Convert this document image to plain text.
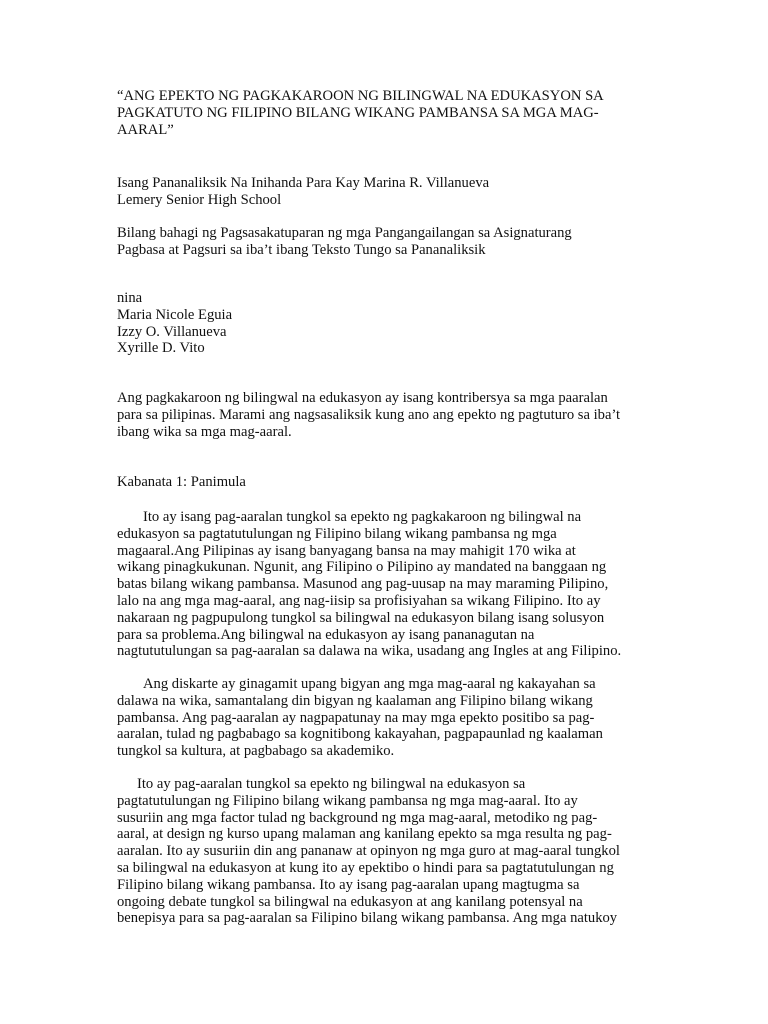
“ANG EPEKTO NG PAGKAKAROON NG BILINGWAL NA EDUKASYON SA
PAGKATUTO NG FILIPINO BILANG WIKANG PAMBANSA SA MGA MAG-
AARAL”
Isang Pananaliksik Na Inihanda Para Kay Marina R. Villanueva
Lemery Senior High School
Bilang bahagi ng Pagsasakatuparan ng mga Pangangailangan sa Asignaturang
Pagbasa at Pagsuri sa iba’t ibang Teksto Tungo sa Pananaliksik
nina
Maria Nicole Eguia
Izzy O. Villanueva
Xyrille D. Vito
Ang pagkakaroon ng bilingwal na edukasyon ay isang kontribersya sa mga paaralan
para sa pilipinas. Marami ang nagsasaliksik kung ano ang epekto ng pagtuturo sa iba’t
ibang wika sa mga mag-aaral.
Kabanata 1: Panimula
Ito ay isang pag-aaralan tungkol sa epekto ng pagkakaroon ng bilingwal na
edukasyon sa pagtatutulungan ng Filipino bilang wikang pambansa ng mga
magaaral.Ang Pilipinas ay isang banyagang bansa na may mahigit 170 wika at
wikang pinagkukunan. Ngunit, ang Filipino o Pilipino ay mandated na banggaan ng
batas bilang wikang pambansa. Masunod ang pag-uusap na may maraming Pilipino,
lalo na ang mga mag-aaral, ang nag-iisip sa profisiyahan sa wikang Filipino. Ito ay
nakaraan ng pagpupulong tungkol sa bilingwal na edukasyon bilang isang solusyon
para sa problema.Ang bilingwal na edukasyon ay isang pananagutan na
nagtututulungan sa pag-aaralan sa dalawa na wika, usadang ang Ingles at ang Filipino.
Ang diskarte ay ginagamit upang bigyan ang mga mag-aaral ng kakayahan sa
dalawa na wika, samantalang din bigyan ng kaalaman ang Filipino bilang wikang
pambansa. Ang pag-aaralan ay nagpapatunay na may mga epekto positibo sa pag-
aaralan, tulad ng pagbabago sa kognitibong kakayahan, pagpapaunlad ng kaalaman
tungkol sa kultura, at pagbabago sa akademiko.
Ito ay pag-aaralan tungkol sa epekto ng bilingwal na edukasyon sa
pagtatutulungan ng Filipino bilang wikang pambansa ng mga mag-aaral. Ito ay
susuriin ang mga factor tulad ng background ng mga mag-aaral, metodiko ng pag-
aaral, at design ng kurso upang malaman ang kanilang epekto sa mga resulta ng pag-
aaralan. Ito ay susuriin din ang pananaw at opinyon ng mga guro at mag-aaral tungkol
sa bilingwal na edukasyon at kung ito ay epektibo o hindi para sa pagtatutulungan ng
Filipino bilang wikang pambansa. Ito ay isang pag-aaralan upang magtugma sa
ongoing debate tungkol sa bilingwal na edukasyon at ang kanilang potensyal na
benepisya para sa pag-aaralan sa Filipino bilang wikang pambansa. Ang mga natukoy
